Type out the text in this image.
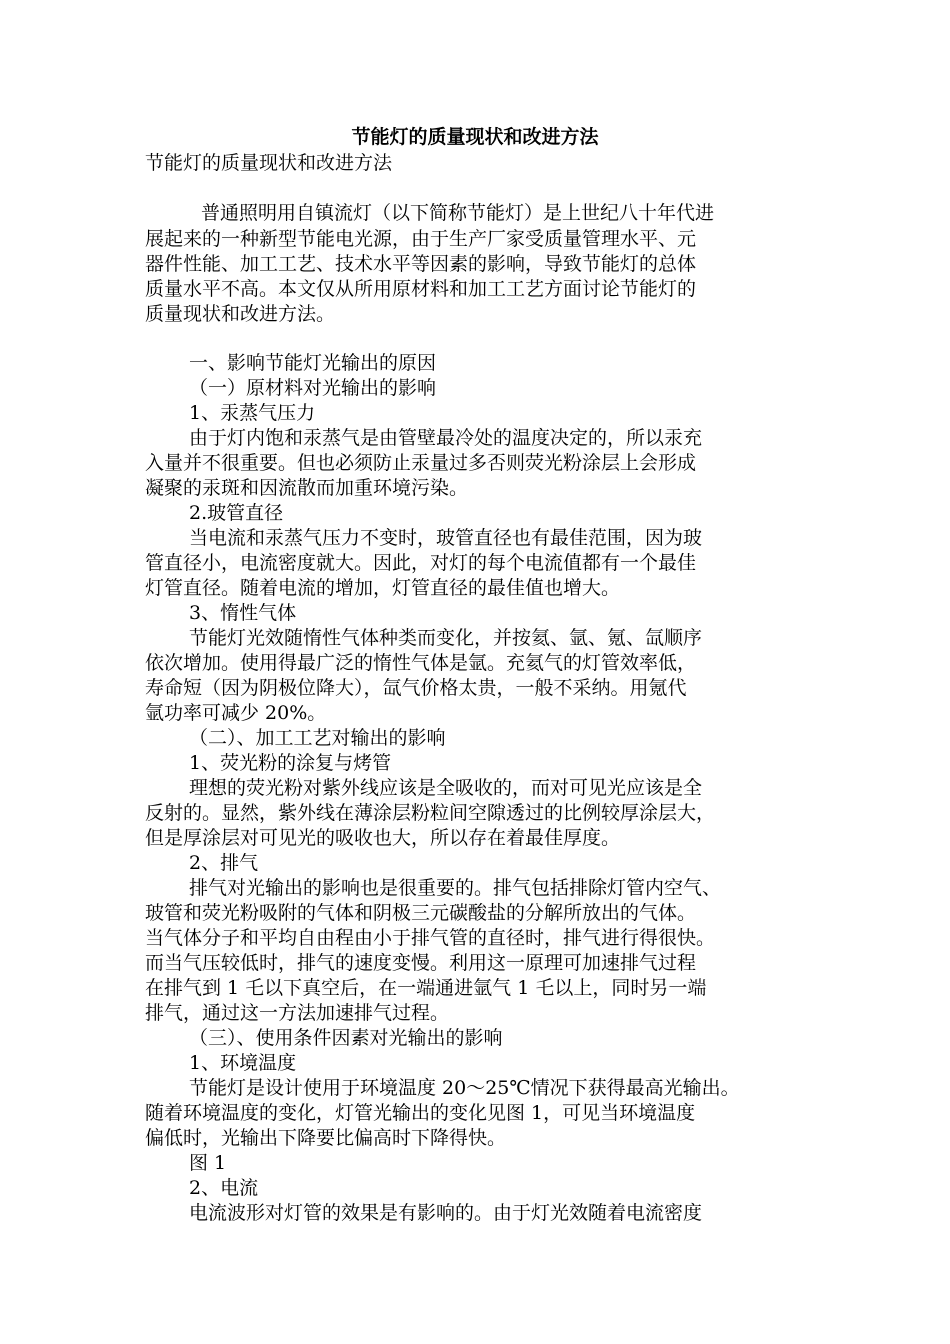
节能灯的质量现状和改进方法
节能灯的质量现状和改进方法
普通照明用自镇流灯（以下简称节能灯）是上世纪八十年代进
展起来的一种新型节能电光源，由于生产厂家受质量管理水平、元
器件性能、加工工艺、技术水平等因素的影响，导致节能灯的总体
质量水平不高。本文仅从所用原材料和加工工艺方面讨论节能灯的
质量现状和改进方法。
一、影响节能灯光输出的原因
（一）原材料对光输出的影响
1、汞蒸气压力
由于灯内饱和汞蒸气是由管壁最冷处的温度决定的，所以汞充
入量并不很重要。但也必须防止汞量过多否则荧光粉涂层上会形成
凝聚的汞斑和因流散而加重环境污染。
2.玻管直径
当电流和汞蒸气压力不变时，玻管直径也有最佳范围，因为玻
管直径小，电流密度就大。因此，对灯的每个电流值都有一个最佳
灯管直径。随着电流的增加，灯管直径的最佳值也增大。
3、惰性气体
节能灯光效随惰性气体种类而变化，并按氦、氩、氪、氙顺序
依次增加。使用得最广泛的惰性气体是氩。充氦气的灯管效率低，
寿命短（因为阴极位降大），氙气价格太贵，一般不采纳。用氪代
氩功率可减少 20%。
（二）、加工工艺对输出的影响
1、荧光粉的涂复与烤管
理想的荧光粉对紫外线应该是全吸收的，而对可见光应该是全
反射的。显然，紫外线在薄涂层粉粒间空隙透过的比例较厚涂层大，
但是厚涂层对可见光的吸收也大，所以存在着最佳厚度。
2、排气
排气对光输出的影响也是很重要的。排气包括排除灯管内空气、
玻管和荧光粉吸附的气体和阴极三元碳酸盐的分解所放出的气体。
当气体分子和平均自由程由小于排气管的直径时，排气进行得很快。
而当气压较低时，排气的速度变慢。利用这一原理可加速排气过程
在排气到 1 乇以下真空后，在一端通进氩气 1 乇以上，同时另一端
排气，通过这一方法加速排气过程。
（三）、使用条件因素对光输出的影响
1、环境温度
节能灯是设计使用于环境温度 20～25℃情况下获得最高光输出。
随着环境温度的变化，灯管光输出的变化见图 1，可见当环境温度
偏低时，光输出下降要比偏高时下降得快。
图 1
2、电流
电流波形对灯管的效果是有影响的。由于灯光效随着电流密度
